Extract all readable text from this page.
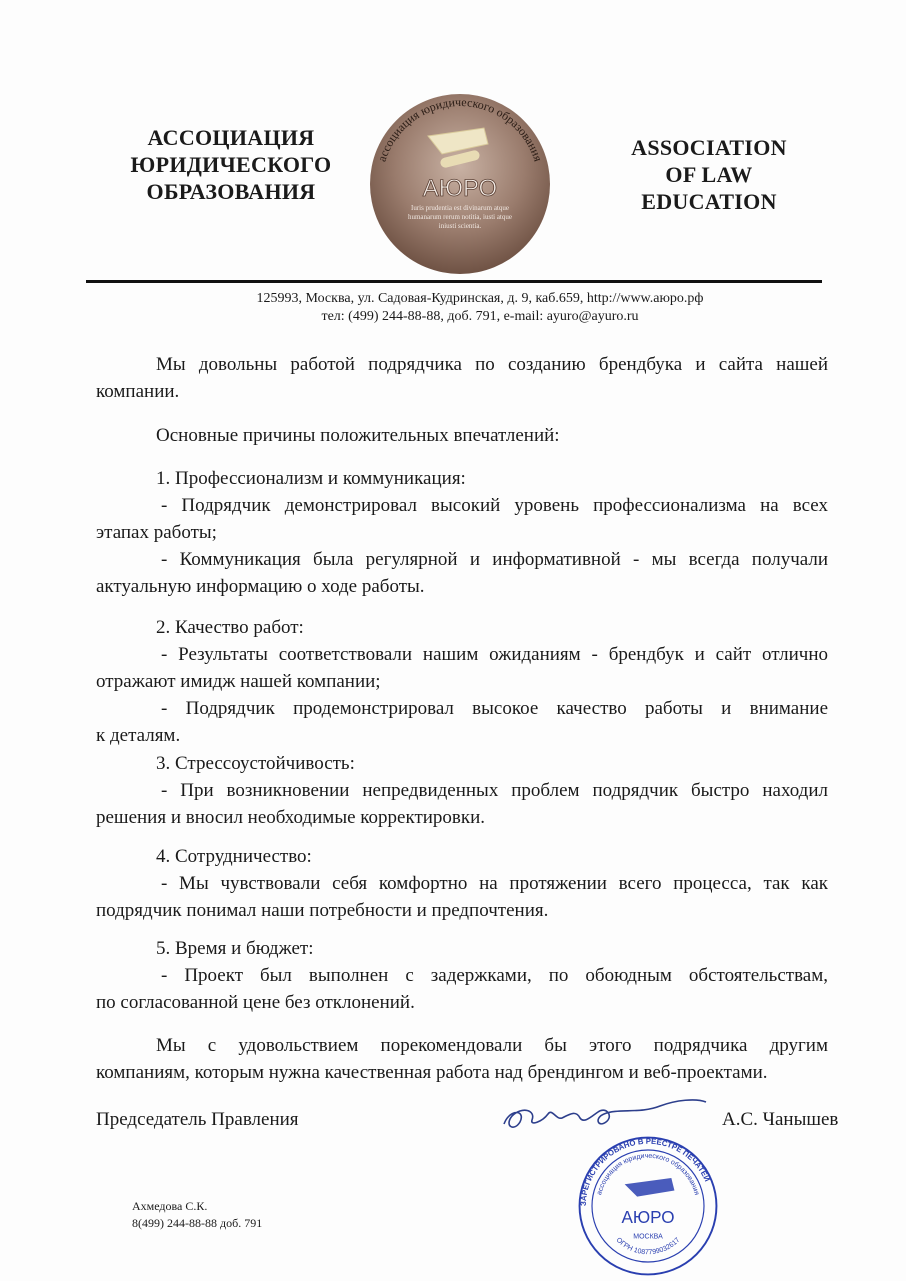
АССОЦИАЦИЯ
ЮРИДИЧЕСКОГО
ОБРАЗОВАНИЯ
ассоциация юридического образования
АЮРО
Iuris prudentia est divinarum atque humanarum rerum notitia, iusti atque iniusti scientia.
ASSOCIATION
OF LAW
EDUCATION
125993, Москва, ул. Садовая-Кудринская, д. 9, каб.659, http://www.аюро.рф
тел: (499) 244-88-88, доб. 791, e-mail: ayuro@ayuro.ru
Мы довольны работой подрядчика по созданию брендбука и сайта нашей
компании.
Основные причины положительных впечатлений:
1. Профессионализм и коммуникация:
- Подрядчик демонстрировал высокий уровень профессионализма на всех
этапах работы;
- Коммуникация была регулярной и информативной - мы всегда получали
актуальную информацию о ходе работы.
2. Качество работ:
- Результаты соответствовали нашим ожиданиям - брендбук и сайт отлично
отражают имидж нашей компании;
- Подрядчик продемонстрировал высокое качество работы и внимание
к деталям.
3. Стрессоустойчивость:
- При возникновении непредвиденных проблем подрядчик быстро находил
решения и вносил необходимые корректировки.
4. Сотрудничество:
- Мы чувствовали себя комфортно на протяжении всего процесса, так как
подрядчик понимал наши потребности и предпочтения.
5. Время и бюджет:
- Проект был выполнен с задержками, по обоюдным обстоятельствам,
по согласованной цене без отклонений.
Мы с удовольствием порекомендовали бы этого подрядчика другим
компаниям, которым нужна качественная работа над брендингом и веб-проектами.
ЗАРЕГИСТРИРОВАНО В РЕЕСТРЕ ПЕЧАТЕЙ
ассоциация юридического образования
ОГРН 1087799032617
АЮРО
МОСКВА
Председатель Правления	А.С. Чанышев
Ахмедова С.К.
8(499) 244-88-88 доб. 791
